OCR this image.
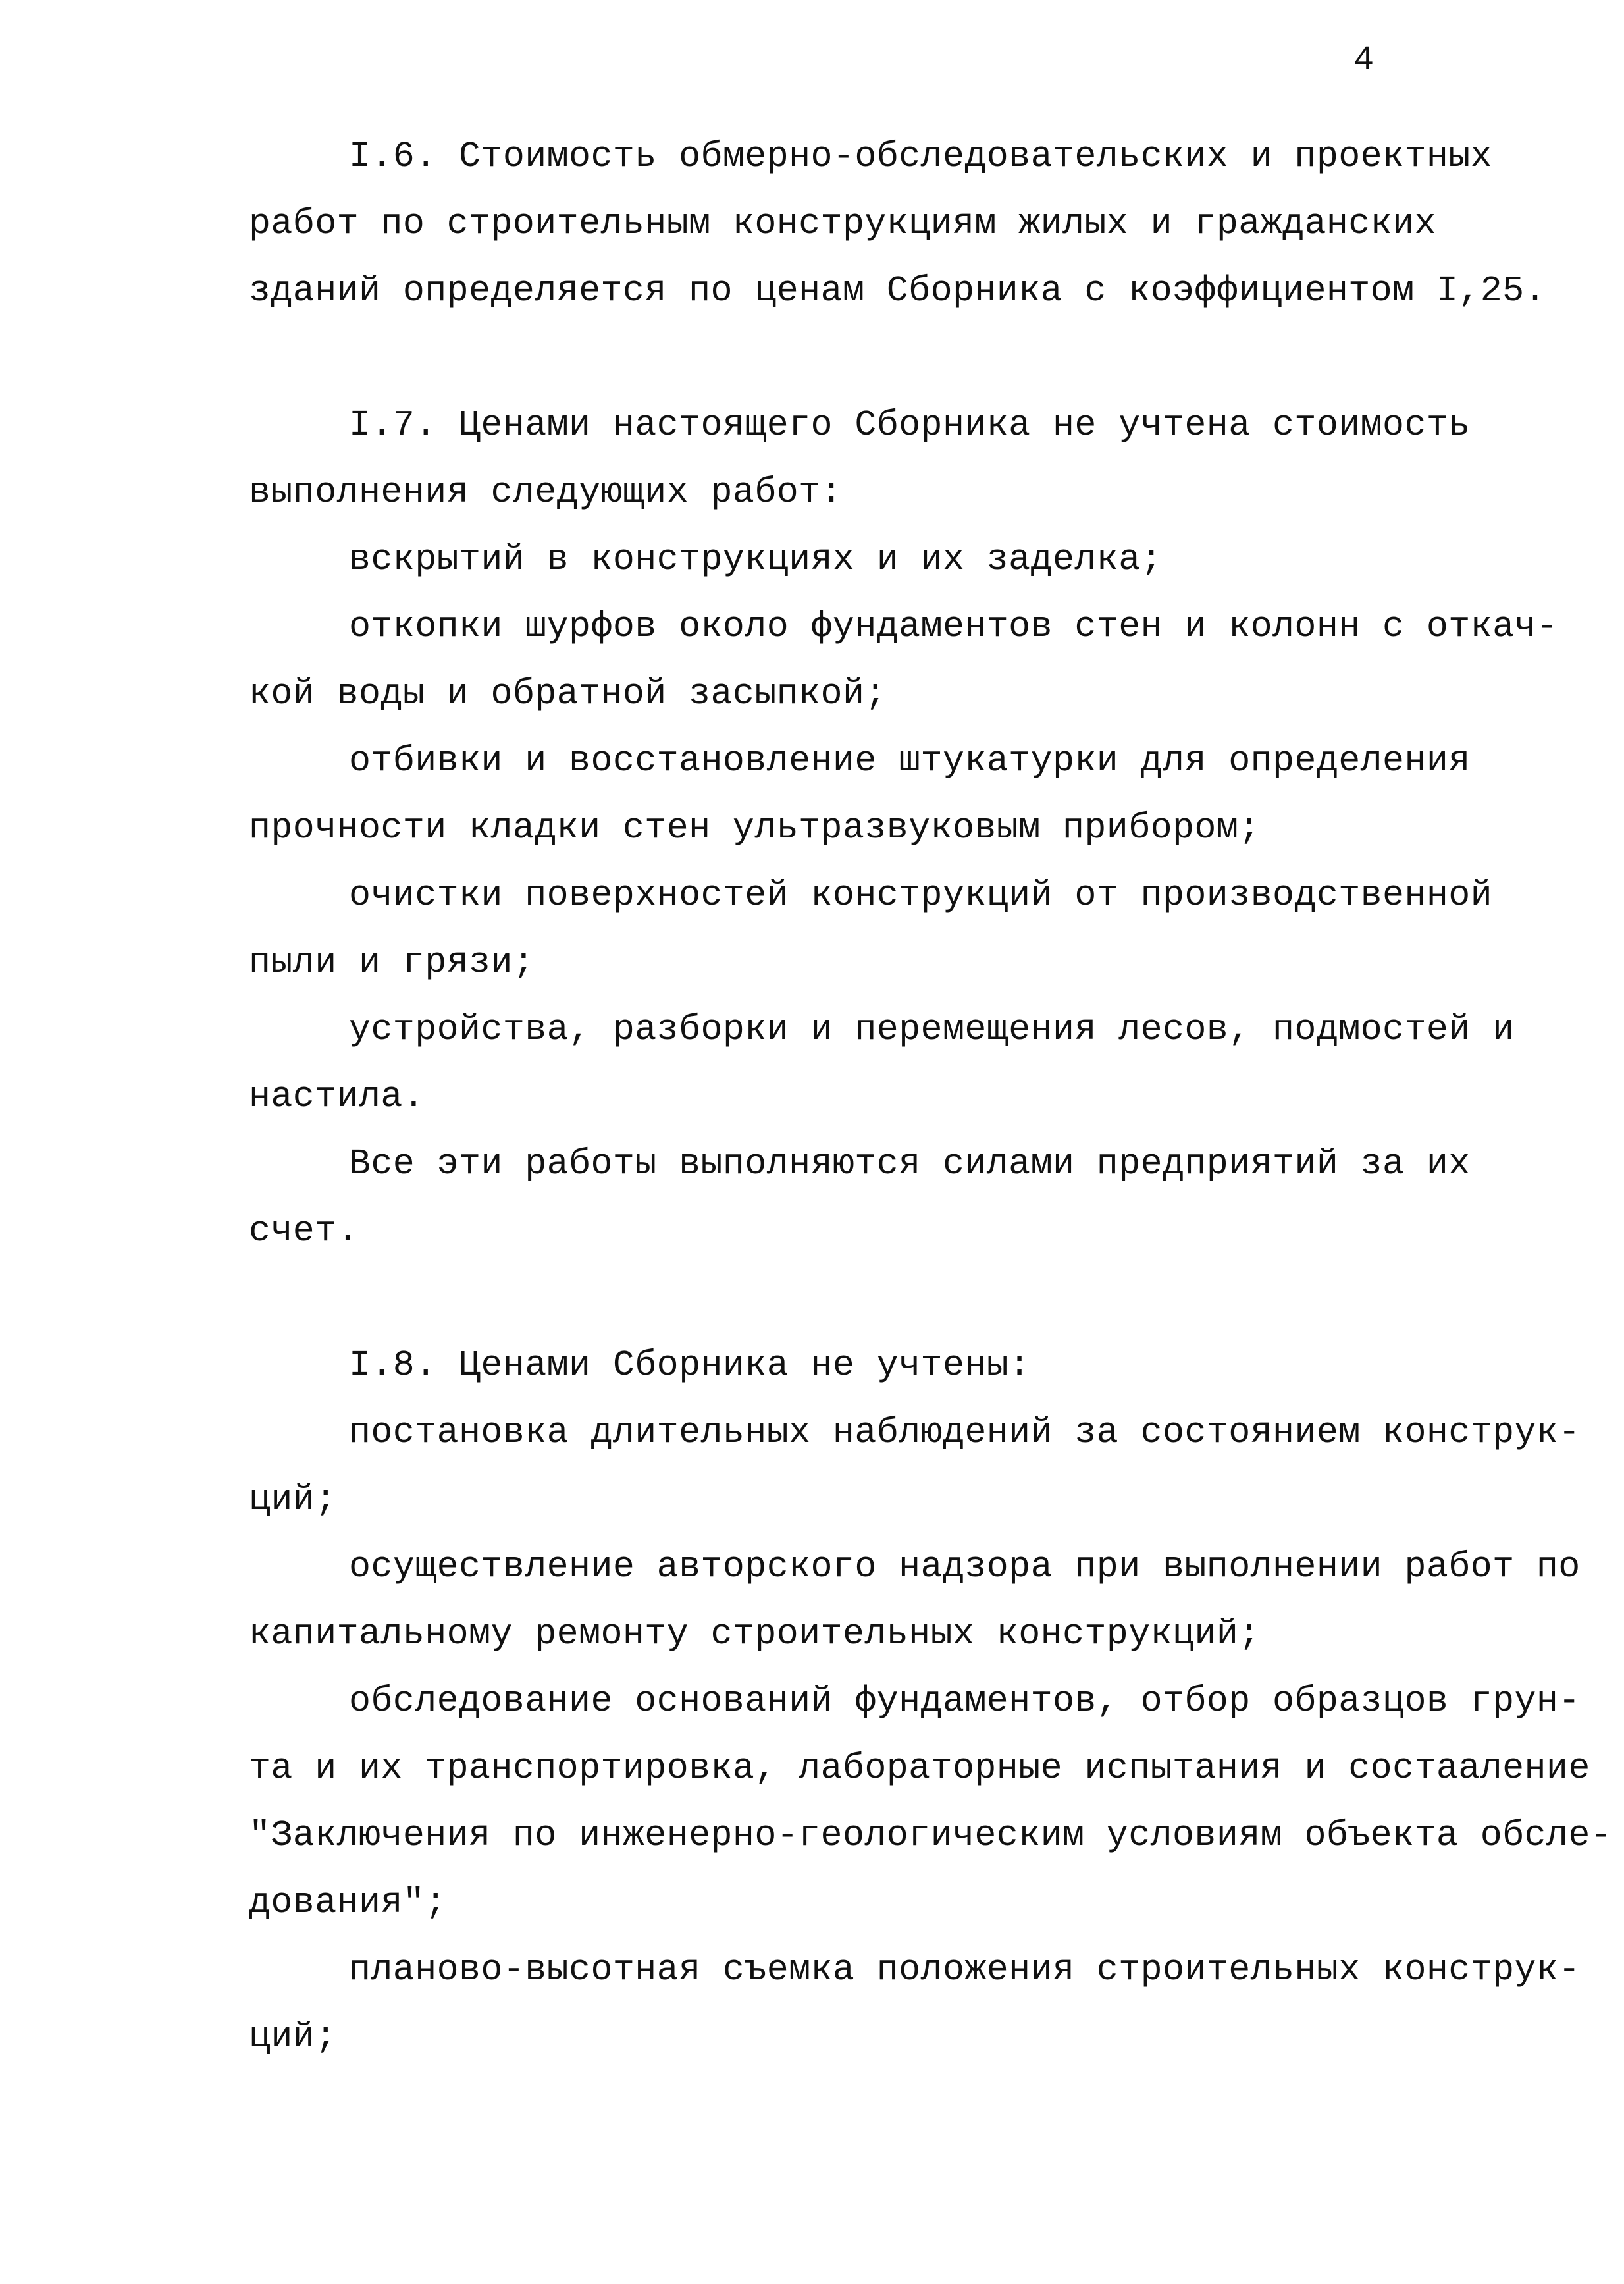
4
I.6. Стоимость обмерно-обследовательских и проектных
работ по строительным конструкциям жилых и гражданских
зданий определяется по ценам Сборника с коэффициентом I,25.
I.7. Ценами настоящего Сборника не учтена стоимость
выполнения следующих работ:
вскрытий в конструкциях и их заделка;
откопки шурфов около фундаментов стен и колонн с откач-
кой воды и обратной засыпкой;
отбивки и восстановление штукатурки для определения
прочности кладки стен ультразвуковым прибором;
очистки поверхностей конструкций от производственной
пыли и грязи;
устройства, разборки и перемещения лесов, подмостей и
настила.
Все эти работы выполняются силами предприятий за их
счет.
I.8. Ценами Сборника не учтены:
постановка длительных наблюдений за состоянием конструк-
ций;
осуществление авторского надзора при выполнении работ по
капитальному ремонту строительных конструкций;
обследование оснований фундаментов, отбор образцов грун-
та и их транспортировка, лабораторные испытания и состааление
"Заключения по инженерно-геологическим условиям объекта обсле-
дования";
планово-высотная съемка положения строительных конструк-
ций;
